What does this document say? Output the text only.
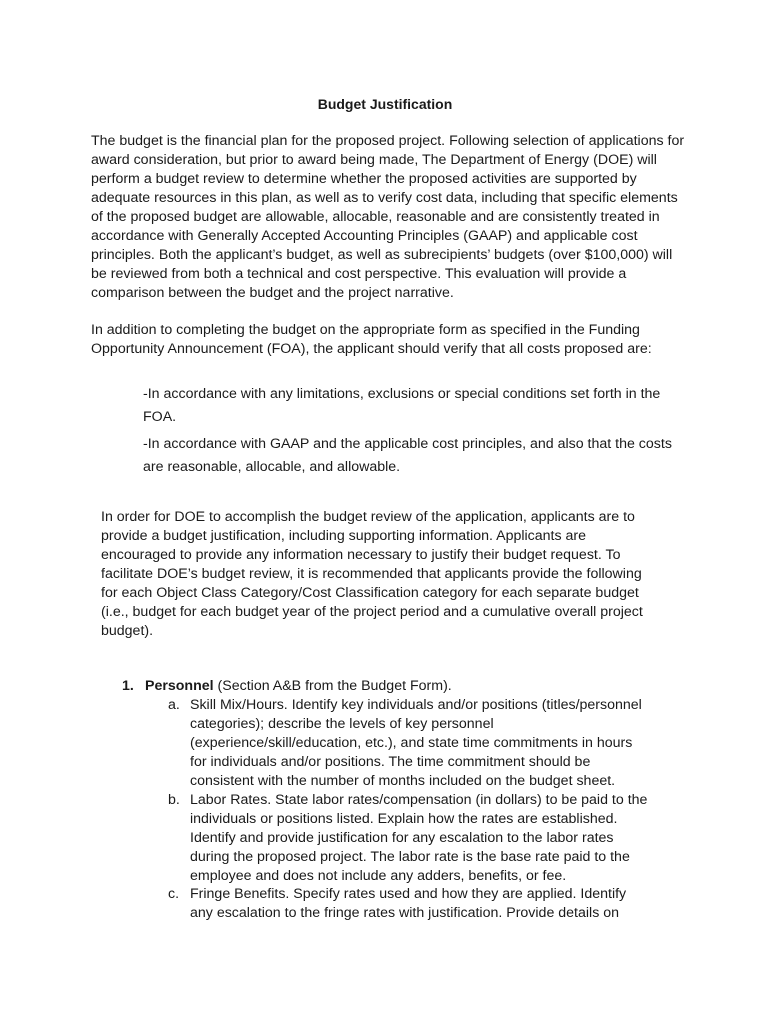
Budget Justification

The budget is the financial plan for the proposed project. Following selection of applications for award consideration, but prior to award being made, The Department of Energy (DOE) will perform a budget review to determine whether the proposed activities are supported by adequate resources in this plan, as well as to verify cost data, including that specific elements of the proposed budget are allowable, allocable, reasonable and are consistently treated in accordance with Generally Accepted Accounting Principles (GAAP) and applicable cost principles. Both the applicant’s budget, as well as subrecipients’ budgets (over $100,000) will be reviewed from both a technical and cost perspective. This evaluation will provide a comparison between the budget and the project narrative.

In addition to completing the budget on the appropriate form as specified in the Funding Opportunity Announcement (FOA), the applicant should verify that all costs proposed are:

-In accordance with any limitations, exclusions or special conditions set forth in the FOA.

-In accordance with GAAP and the applicable cost principles, and also that the costs are reasonable, allocable, and allowable.

In order for DOE to accomplish the budget review of the application, applicants are to provide a budget justification, including supporting information. Applicants are encouraged to provide any information necessary to justify their budget request. To facilitate DOE’s budget review, it is recommended that applicants provide the following for each Object Class Category/Cost Classification category for each separate budget (i.e., budget for each budget year of the project period and a cumulative overall project budget).

1. Personnel (Section A&B from the Budget Form).
a. Skill Mix/Hours. Identify key individuals and/or positions (titles/personnel categories); describe the levels of key personnel (experience/skill/education, etc.), and state time commitments in hours for individuals and/or positions. The time commitment should be consistent with the number of months included on the budget sheet.

b. Labor Rates. State labor rates/compensation (in dollars) to be paid to the individuals or positions listed. Explain how the rates are established. Identify and provide justification for any escalation to the labor rates during the proposed project. The labor rate is the base rate paid to the employee and does not include any adders, benefits, or fee.

c. Fringe Benefits. Specify rates used and how they are applied. Identify any escalation to the fringe rates with justification. Provide details on
